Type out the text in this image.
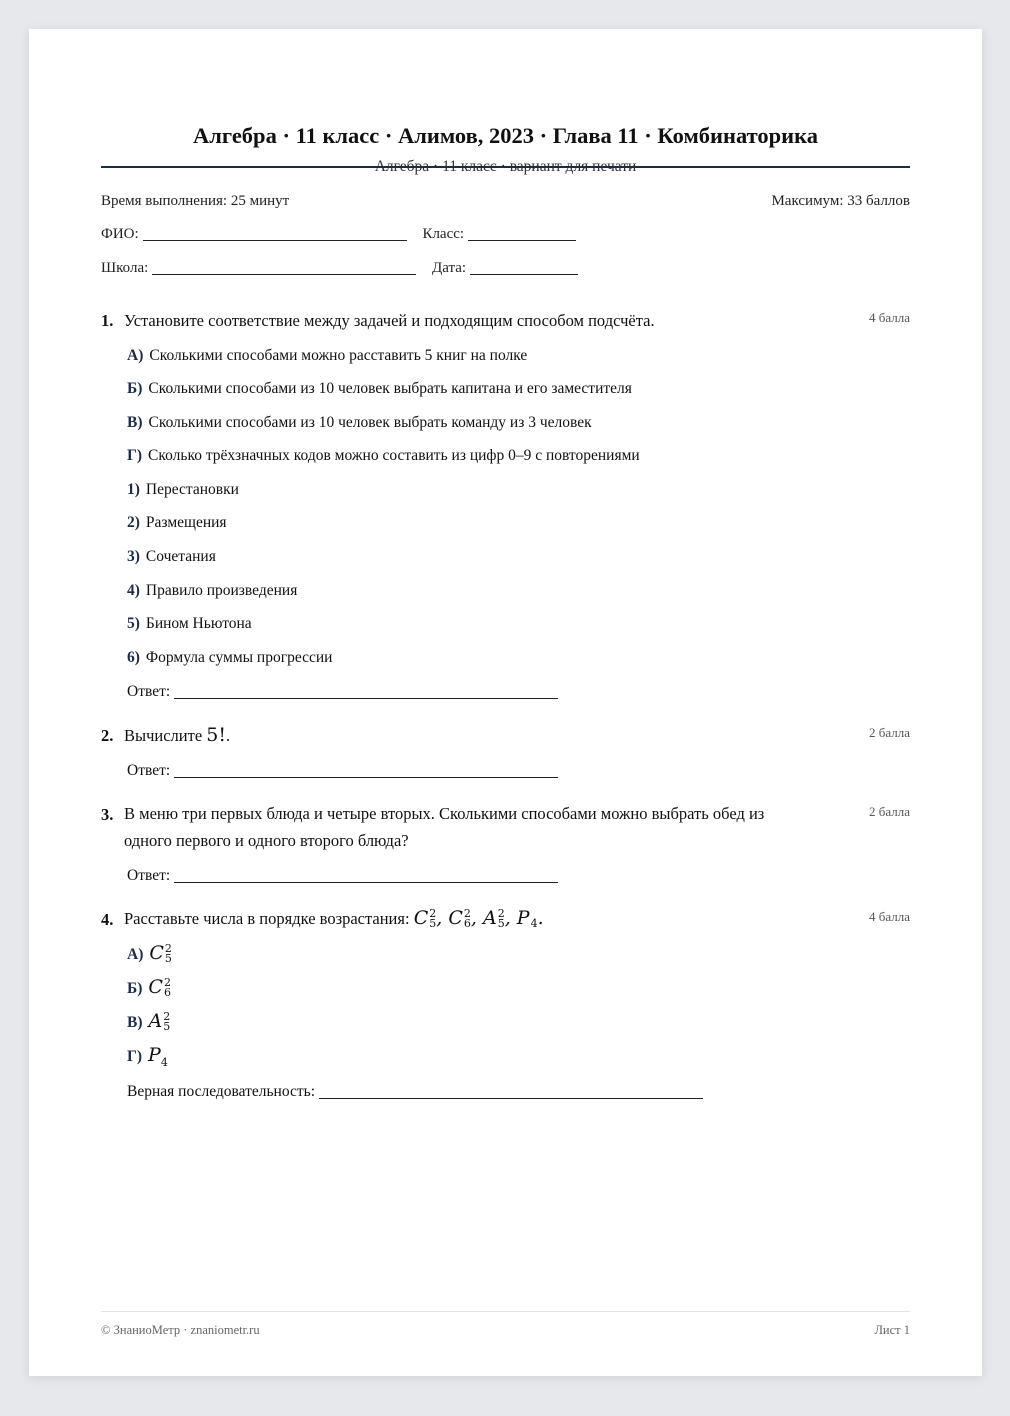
Алгебра · 11 класс · Алимов, 2023 · Глава 11 · Комбинаторика
Алгебра · 11 класс · вариант для печати
Время выполнения: 25 минут	Максимум: 33 баллов
ФИО:	Класс:
Школа:	Дата:
1. Установите соответствие между задачей и подходящим способом подсчёта.	4 балла
А) Сколькими способами можно расставить 5 книг на полке
Б) Сколькими способами из 10 человек выбрать капитана и его заместителя
В) Сколькими способами из 10 человек выбрать команду из 3 человек
Г) Сколько трёхзначных кодов можно составить из цифр 0–9 с повторениями
1) Перестановки
2) Размещения
3) Сочетания
4) Правило произведения
5) Бином Ньютона
6) Формула суммы прогрессии
Ответ:
2. Вычислите 5!.	2 балла
Ответ:
3. В меню три первых блюда и четыре вторых. Сколькими способами можно выбрать обед из
одного первого и одного второго блюда?
2 балла
Ответ:
4. Расставьте числа в порядке возрастания: C 2
5 , C 2
6 , A 2
5 , P
4 .	4 балла
А) C 2
5
Б) C 2
6
В) A 2
5
Г) $P_4$
Верная последовательность:
© ЗнаниоМетр · znaniometr.ru	Лист 1
